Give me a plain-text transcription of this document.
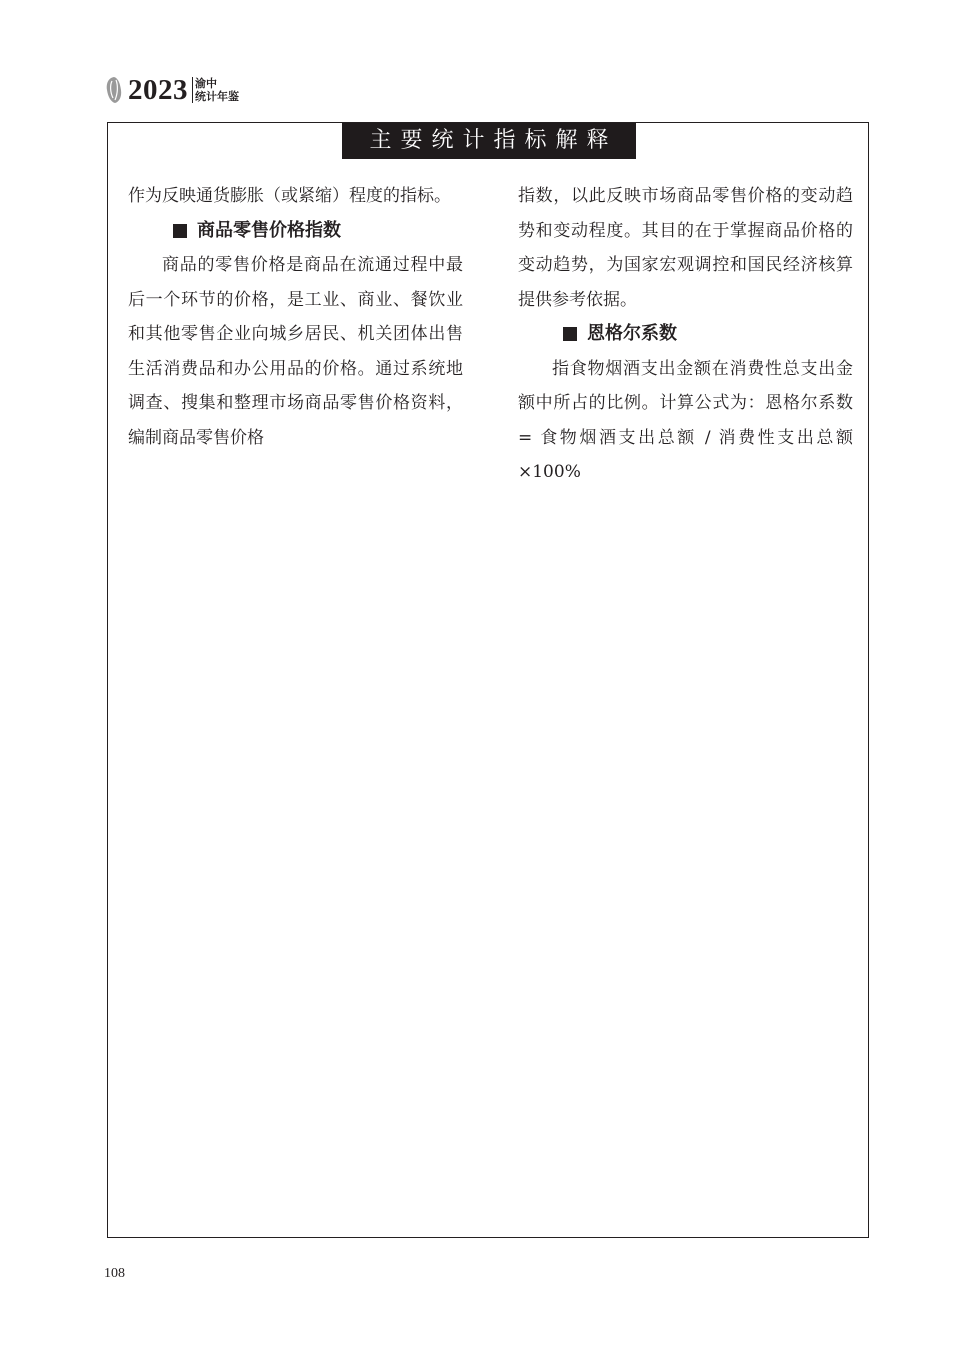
2023 渝中
统计年鉴
主要统计指标解释

作为反映通货膨胀（或紧缩）程度的指标。

商品零售价格指数

商品的零售价格是商品在流通过程中最后一个环节的价格，是工业、商业、餐饮业和其他零售企业向城乡居民、机关团体出售生活消费品和办公用品的价格。通过系统地调查、搜集和整理市场商品零售价格资料，编制商品零售价格

指数，以此反映市场商品零售价格的变动趋势和变动程度。其目的在于掌握商品价格的变动趋势，为国家宏观调控和国民经济核算提供参考依据。

恩格尔系数

指食物烟酒支出金额在消费性总支出金额中所占的比例。计算公式为：恩格尔系数 = 食物烟酒支出总额 / 消费性支出总额×100%

108
